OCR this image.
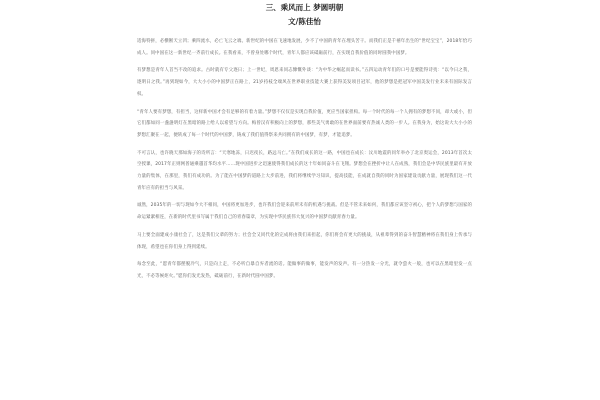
三、乘风而上 梦圆明朝
文/陈佳怡

适海特拼，必横断天立凹；乘四流水，必亡飞云之端。新世纪的中国在飞速地发展，少不了中国的青年在埋头苦干。而我们正是千禧年出生的“世纪宝宝”，2018年恰巧成人。同中国在这一新世纪一齐前行成长。在我看来，不曾身处哪个时代，青年人都应该砥砺前行，在实现自我价值的同时圆我中国梦。

有梦想是青年人首当不改的追求。古时就有专父逐日；上一世纪，周恩来同志慷慨外谈：“为中华之崛起而读书。”五四运动青年们的口号是要能得诗夷：“以今日之我，逐明日之我。”再到现如今，大大小小的中国梦正在路上，21岁持枝全端风在世界职业技能大赛上获得美发项目冠军，他的梦想是把冠军中国美发行业未来有国际发言权。

“青年人要有梦想，有担当，这样新中国才会有足够的有着力量。”梦想不仅仅是实现自我价值，更应当国家担构。每一个时代的每一个人拥有的梦想不同，却大或小，但它们都如同一盏盏明灯在黑暗的路上给人以希望与方向。梅曾汉有积极向上的梦想，那些美气勇敢的在世界面前要有热诚人类的一步人。在我身为，始这说大大小小的梦想汇聚在一起，便转成了每一个时代的中国梦，铸成了我们值得察来共同拥有的中国梦，有梦，才能追梦。

不可言认，也许晓天那如海子的诗所言：“天寒地冻，日迟夜长，路远马亡。”在我们成长的这一路，中国也在成长：汶川地震的同年举办了北京奥运会，2013年首次太空授课，2017年正则网普通乘越首华均水平……现中国进步之迅速使得我们成长的这十年如同奋斗在飞翔。梦想会在挫折中让人在成熟，我们会是中华民族里最有开放力量的集体，在那里，我们有成功的。为了能在中国梦的道路上大步前进，我们将继续学习知识，提高技能，在成就自我的同时为国家建设贡献力量，展现我们这一代青年应有的担当与风采。

诚然，2035年的一切与现如今大不相同，中国将更加进步，也许我们会迎来前所未有的机遇与挑战。但是不管未来如何，我们都应该坚守初心，把个人的梦想与国家的命运紧紧相连，在新的时代里书写属于我们自己的青春篇章，为实现中华民族伟大复兴的中国梦贡献青春力量。

马上要全面建成小康社会了，这是我们父辈的努力；社会全又同代化的完成将由我们来担起，你们将会有更大的挑战，从祖辈得到的奋斗智慧精神将在我们身上传承与体现，希望也在你们身上得到延续。

每念至此，“愿青年都摆脱冷气，只是向上走，不必听自暴自弃者流的话。能做事的做事，能发声的发声。有一分热发一分光，就令萤火一般，也可以在黑暗里发一点光，不必等候炬火。”愿你们发光发热，砥砺前行，在新时代圆中国梦。
